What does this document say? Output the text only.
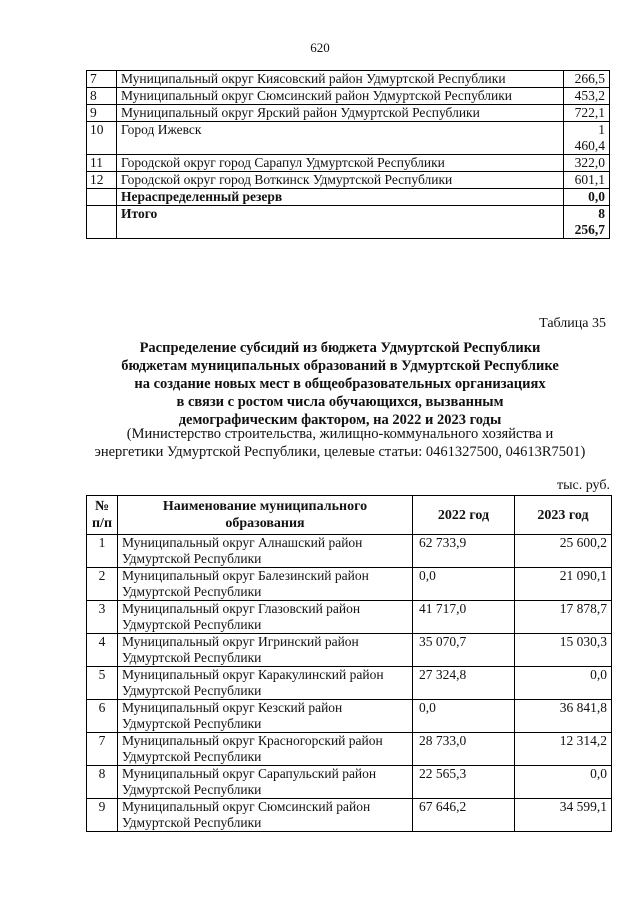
620
7	Муниципальный округ Киясовский район Удмуртской Республики	266,5
8	Муниципальный округ Сюмсинский район Удмуртской Республики	453,2
9	Муниципальный округ Ярский район Удмуртской Республики	722,1
10	Город Ижевск	1 460,4
11	Городской округ город Сарапул Удмуртской Республики	322,0
12	Городской округ город Воткинск Удмуртской Республики	601,1
	Нераспределенный резерв	0,0
	Итого	8 256,7
Таблица 35
Распределение субсидий из бюджета Удмуртской Республики
бюджетам муниципальных образований в Удмуртской Республике
на создание новых мест в общеобразовательных организациях
в связи с ростом числа обучающихся, вызванным
демографическим фактором, на 2022 и 2023 годы
(Министерство строительства, жилищно-коммунального хозяйства и
энергетики Удмуртской Республики, целевые статьи: 0461327500, 04613R7501)
тыс. руб.
№ п/п	Наименование муниципального образования	2022 год	2023 год
1	Муниципальный округ Алнашский район Удмуртской Республики	62 733,9	25 600,2
2	Муниципальный округ Балезинский район Удмуртской Республики	0,0	21 090,1
3	Муниципальный округ Глазовский район Удмуртской Республики	41 717,0	17 878,7
4	Муниципальный округ Игринский район Удмуртской Республики	35 070,7	15 030,3
5	Муниципальный округ Каракулинский район Удмуртской Республики	27 324,8	0,0
6	Муниципальный округ Кезский район Удмуртской Республики	0,0	36 841,8
7	Муниципальный округ Красногорский район Удмуртской Республики	28 733,0	12 314,2
8	Муниципальный округ Сарапульский район Удмуртской Республики	22 565,3	0,0
9	Муниципальный округ Сюмсинский район Удмуртской Республики	67 646,2	34 599,1
